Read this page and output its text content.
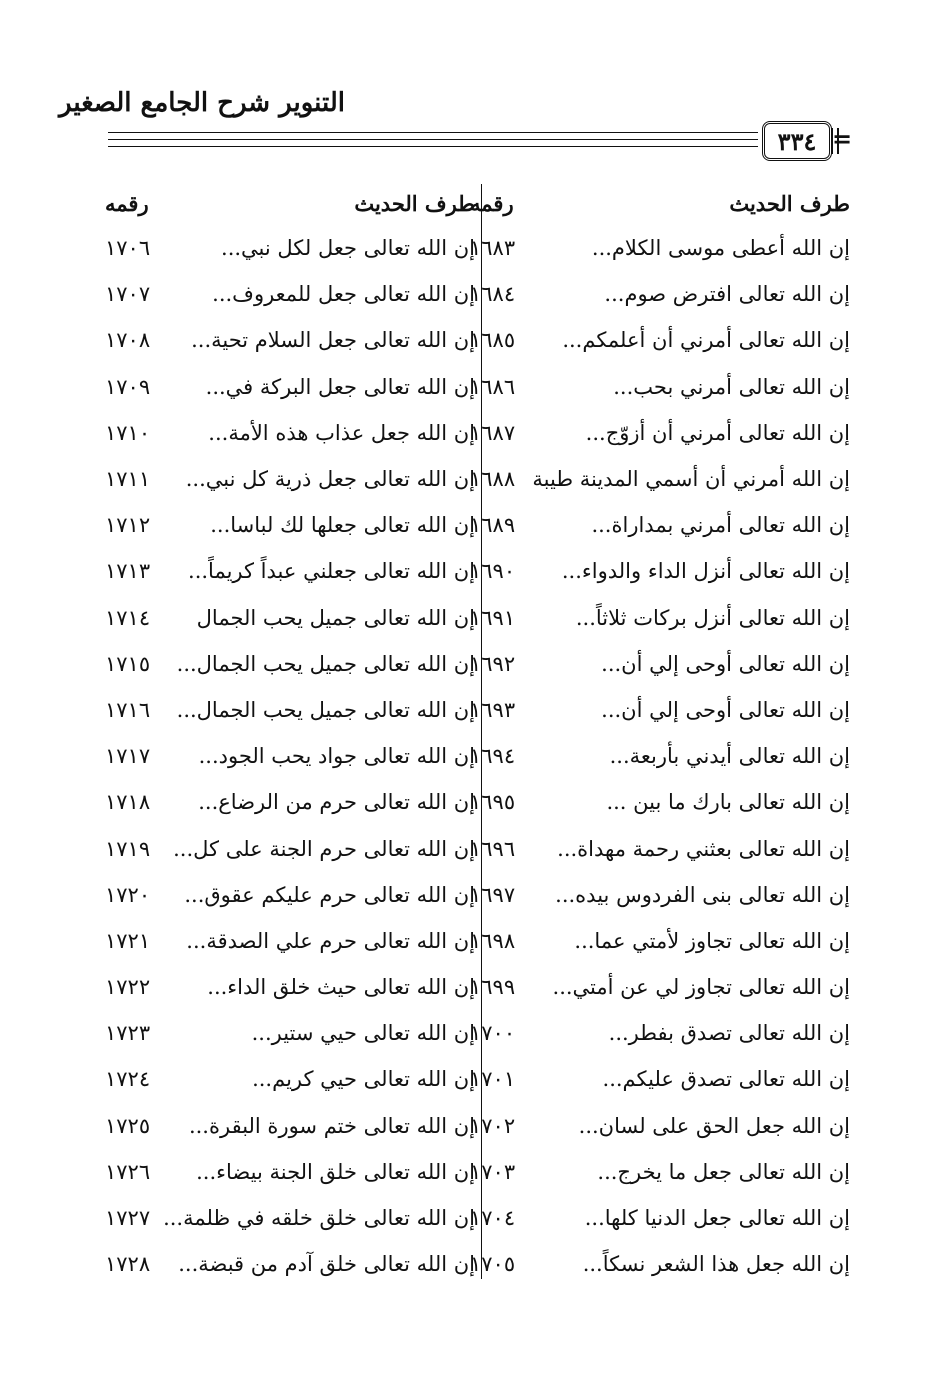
التنوير شرح الجامع الصغير
٣٣٤ =
طرف الحديث
رقمه
إن الله أعطى موسى الكلام...
١٦٨٣
إن الله تعالى افترض صوم...
١٦٨٤
إن الله تعالى أمرني أن أعلمكم...
١٦٨٥
إن الله تعالى أمرني بحب...
١٦٨٦
إن الله تعالى أمرني أن أزوّج...
١٦٨٧
إن الله أمرني أن أسمي المدينة طيبة
١٦٨٨
إن الله تعالى أمرني بمداراة...
١٦٨٩
إن الله تعالى أنزل الداء والدواء...
١٦٩٠
إن الله تعالى أنزل بركات ثلاثاً...
١٦٩١
إن الله تعالى أوحى إلي أن...
١٦٩٢
إن الله تعالى أوحى إلي أن...
١٦٩٣
إن الله تعالى أيدني بأربعة...
١٦٩٤
إن الله تعالى بارك ما بين ...
١٦٩٥
إن الله تعالى بعثني رحمة مهداة...
١٦٩٦
إن الله تعالى بنى الفردوس بيده...
١٦٩٧
إن الله تعالى تجاوز لأمتي عما...
١٦٩٨
إن الله تعالى تجاوز لي عن أمتي...
١٦٩٩
إن الله تعالى تصدق بفطر...
١٧٠٠
إن الله تعالى تصدق عليكم...
١٧٠١
إن الله جعل الحق على لسان...
١٧٠٢
إن الله تعالى جعل ما يخرج...
١٧٠٣
إن الله تعالى جعل الدنيا كلها...
١٧٠٤
إن الله جعل هذا الشعر نسكاً...
١٧٠٥
طرف الحديث
رقمه
إن الله تعالى جعل لكل نبي...
١٧٠٦
إن الله تعالى جعل للمعروف...
١٧٠٧
إن الله تعالى جعل السلام تحية...
١٧٠٨
إن الله تعالى جعل البركة في...
١٧٠٩
إن الله جعل عذاب هذه الأمة...
١٧١٠
إن الله تعالى جعل ذرية كل نبي...
١٧١١
إن الله تعالى جعلها لك لباسا...
١٧١٢
إن الله تعالى جعلني عبداً كريماً...
١٧١٣
إن الله تعالى جميل يحب الجمال
١٧١٤
إن الله تعالى جميل يحب الجمال...
١٧١٥
إن الله تعالى جميل يحب الجمال...
١٧١٦
إن الله تعالى جواد يحب الجود...
١٧١٧
إن الله تعالى حرم من الرضاع...
١٧١٨
إن الله تعالى حرم الجنة على كل...
١٧١٩
إن الله تعالى حرم عليكم عقوق...
١٧٢٠
إن الله تعالى حرم علي الصدقة...
١٧٢١
إن الله تعالى حيث خلق الداء...
١٧٢٢
إن الله تعالى حيي ستير...
١٧٢٣
إن الله تعالى حيي كريم...
١٧٢٤
إن الله تعالى ختم سورة البقرة...
١٧٢٥
إن الله تعالى خلق الجنة بيضاء...
١٧٢٦
إن الله تعالى خلق خلقه في ظلمة...
١٧٢٧
إن الله تعالى خلق آدم من قبضة...
١٧٢٨
